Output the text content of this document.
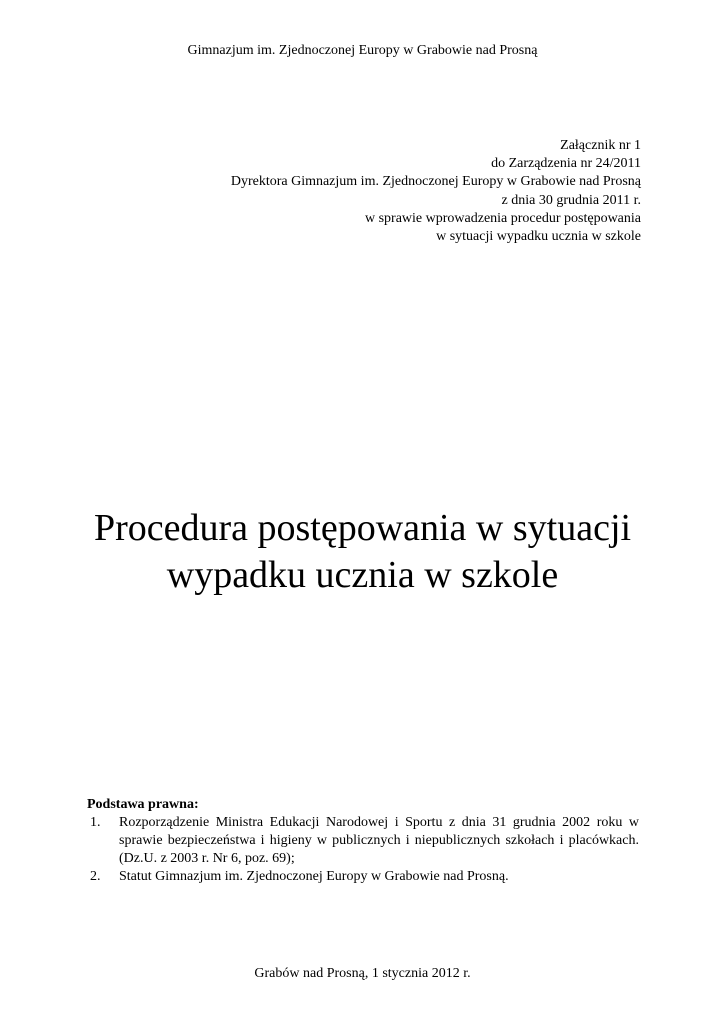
Gimnazjum im. Zjednoczonej Europy w Grabowie nad Prosną
Załącznik nr 1
do Zarządzenia nr 24/2011
Dyrektora Gimnazjum im. Zjednoczonej Europy w Grabowie nad Prosną
z dnia 30 grudnia 2011 r.
w sprawie wprowadzenia procedur postępowania
w sytuacji wypadku ucznia w szkole
Procedura postępowania w sytuacji
wypadku ucznia w szkole
Podstawa prawna:
1. Rozporządzenie Ministra Edukacji Narodowej i Sportu z dnia 31 grudnia 2002 roku w sprawie bezpieczeństwa i higieny w publicznych i niepublicznych szkołach i placówkach. (Dz.U. z 2003 r. Nr 6, poz. 69);
2. Statut Gimnazjum im. Zjednoczonej Europy w Grabowie nad Prosną.
Grabów nad Prosną, 1 stycznia 2012 r.
